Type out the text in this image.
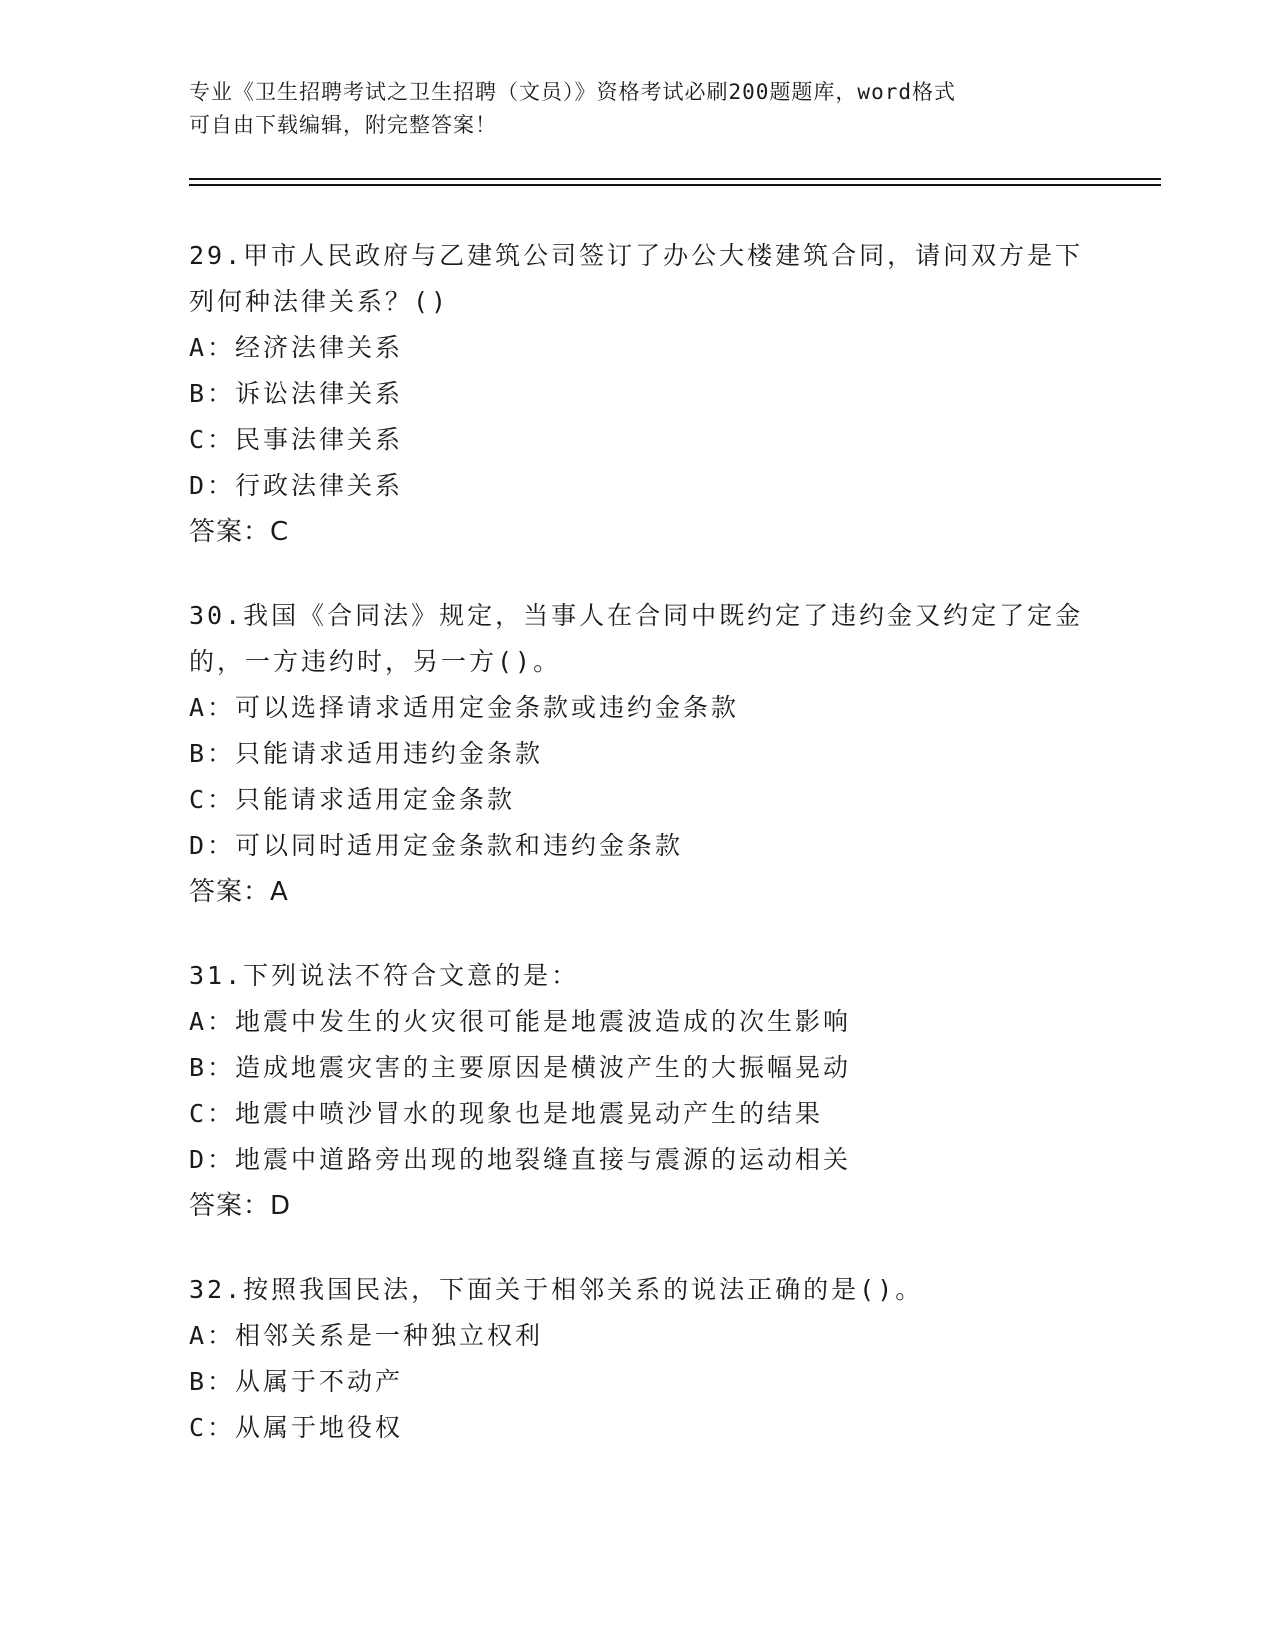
专业《卫生招聘考试之卫生招聘（文员）》资格考试必刷200题题库，word格式
可自由下载编辑，附完整答案！
29.甲市人民政府与乙建筑公司签订了办公大楼建筑合同，请问双方是下列何种法律关系？()
A：经济法律关系
B：诉讼法律关系
C：民事法律关系
D：行政法律关系
答案：C
30.我国《合同法》规定，当事人在合同中既约定了违约金又约定了定金的，一方违约时，另一方()。
A：可以选择请求适用定金条款或违约金条款
B：只能请求适用违约金条款
C：只能请求适用定金条款
D：可以同时适用定金条款和违约金条款
答案：A
31.下列说法不符合文意的是：
A：地震中发生的火灾很可能是地震波造成的次生影响
B：造成地震灾害的主要原因是横波产生的大振幅晃动
C：地震中喷沙冒水的现象也是地震晃动产生的结果
D：地震中道路旁出现的地裂缝直接与震源的运动相关
答案：D
32.按照我国民法，下面关于相邻关系的说法正确的是()。
A：相邻关系是一种独立权利
B：从属于不动产
C：从属于地役权
